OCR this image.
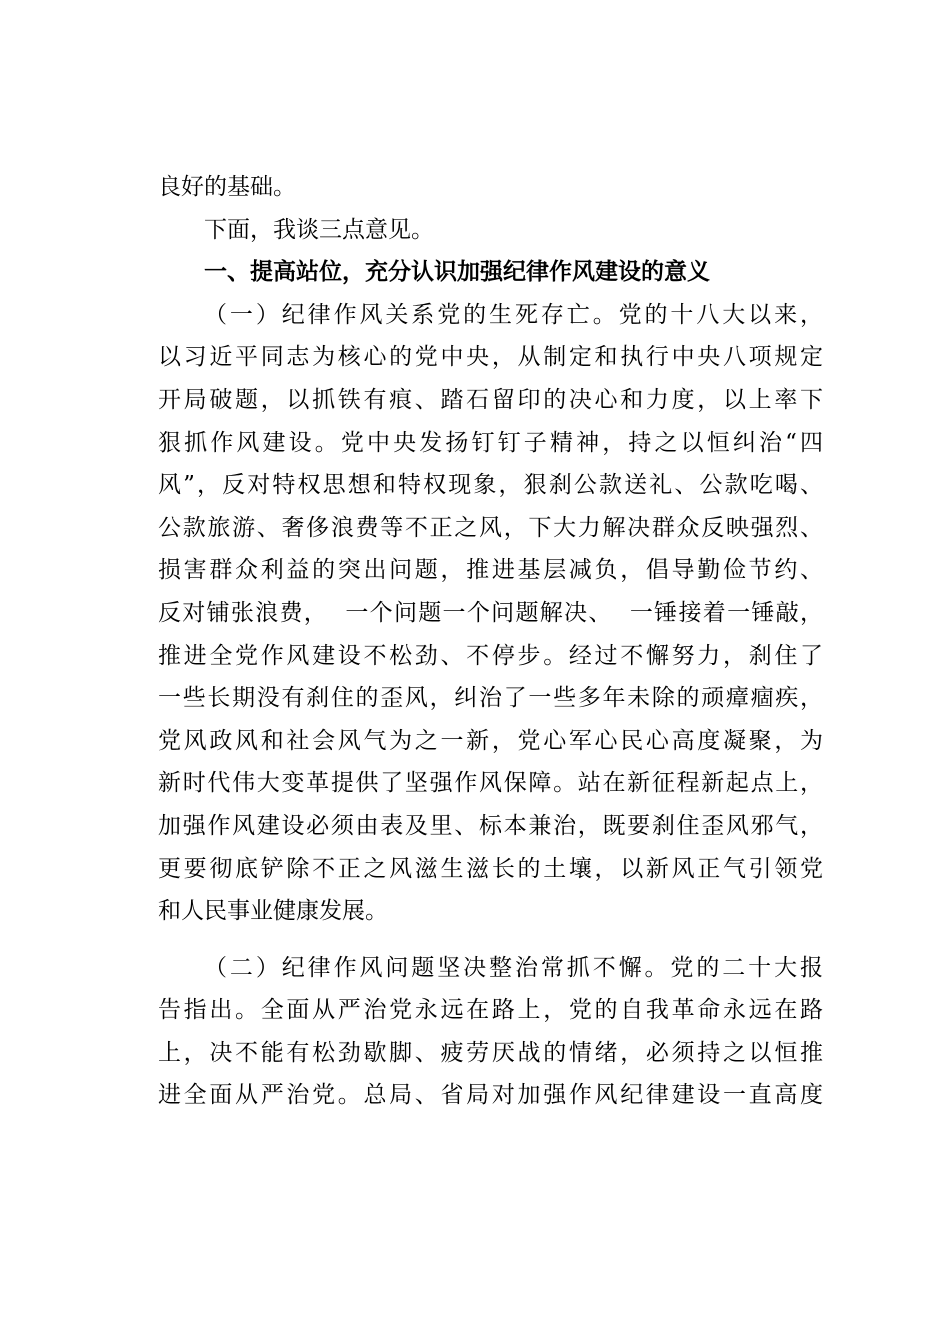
良好的基础。
下面，我谈三点意见。
一、提高站位，充分认识加强纪律作风建设的意义
（一）纪律作风关系党的生死存亡。党的十八大以来，
以习近平同志为核心的党中央，从制定和执行中央八项规定
开局破题，以抓铁有痕、踏石留印的决心和力度，以上率下
狠抓作风建设。党中央发扬钉钉子精神，持之以恒纠治“四
风”，反对特权思想和特权现象，狠刹公款送礼、公款吃喝、
公款旅游、奢侈浪费等不正之风，下大力解决群众反映强烈、
损害群众利益的突出问题，推进基层减负，倡导勤俭节约、
反对铺张浪费，  一个问题一个问题解决、  一锤接着一锤敲，
推进全党作风建设不松劲、不停步。经过不懈努力，刹住了
一些长期没有刹住的歪风，纠治了一些多年未除的顽瘴痼疾，
党风政风和社会风气为之一新，党心军心民心高度凝聚，为
新时代伟大变革提供了坚强作风保障。站在新征程新起点上，
加强作风建设必须由表及里、标本兼治，既要刹住歪风邪气，
更要彻底铲除不正之风滋生滋长的土壤，以新风正气引领党
和人民事业健康发展。
（二）纪律作风问题坚决整治常抓不懈。党的二十大报
告指出。全面从严治党永远在路上，党的自我革命永远在路
上，决不能有松劲歇脚、疲劳厌战的情绪，必须持之以恒推
进全面从严治党。总局、省局对加强作风纪律建设一直高度
